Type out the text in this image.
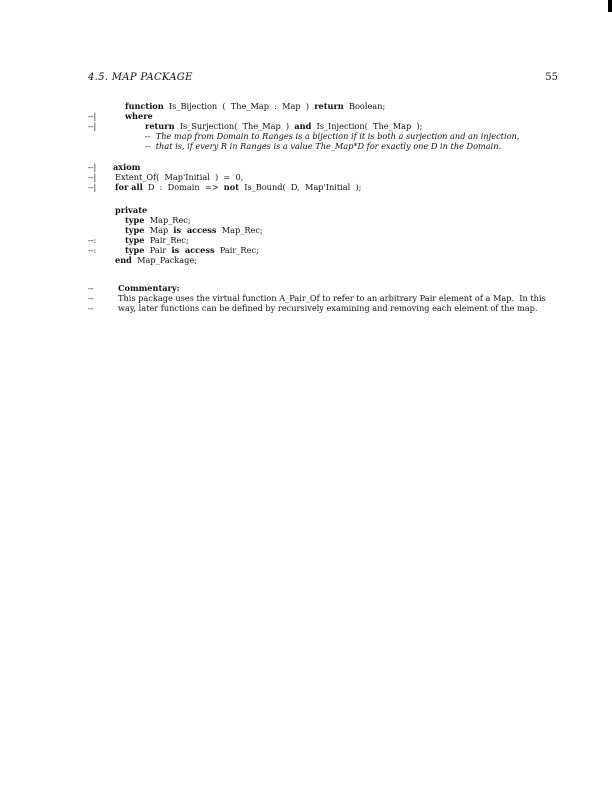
4.5. MAP PACKAGE	55
function  Is_Bijection  (  The_Map  :  Map  )  return  Boolean;
--|	where
--|	return  Is_Surjection(  The_Map  )  and  Is_Injection(  The_Map  );
--  The map from Domain to Ranges is a bijection if it is both a surjection and an injection,
--  that is, if every R in Ranges is a value The_Map*D for exactly one D in the Domain.
--| axiom
--| Extent_Of(  Map'Initial  )  =  0,
--| for all  D  :  Domain  =>  not  Is_Bound(  D,  Map'Initial  );
private
type  Map_Rec;
type  Map  is  access  Map_Rec;
--:	type  Pair_Rec;
--:	type  Pair  is  access  Pair_Rec;
end  Map_Package;
--	Commentary:
--	This package uses the virtual function A_Pair_Of to refer to an arbitrary Pair element of a Map.  In this
--	way, later functions can be defined by recursively examining and removing each element of the map.
